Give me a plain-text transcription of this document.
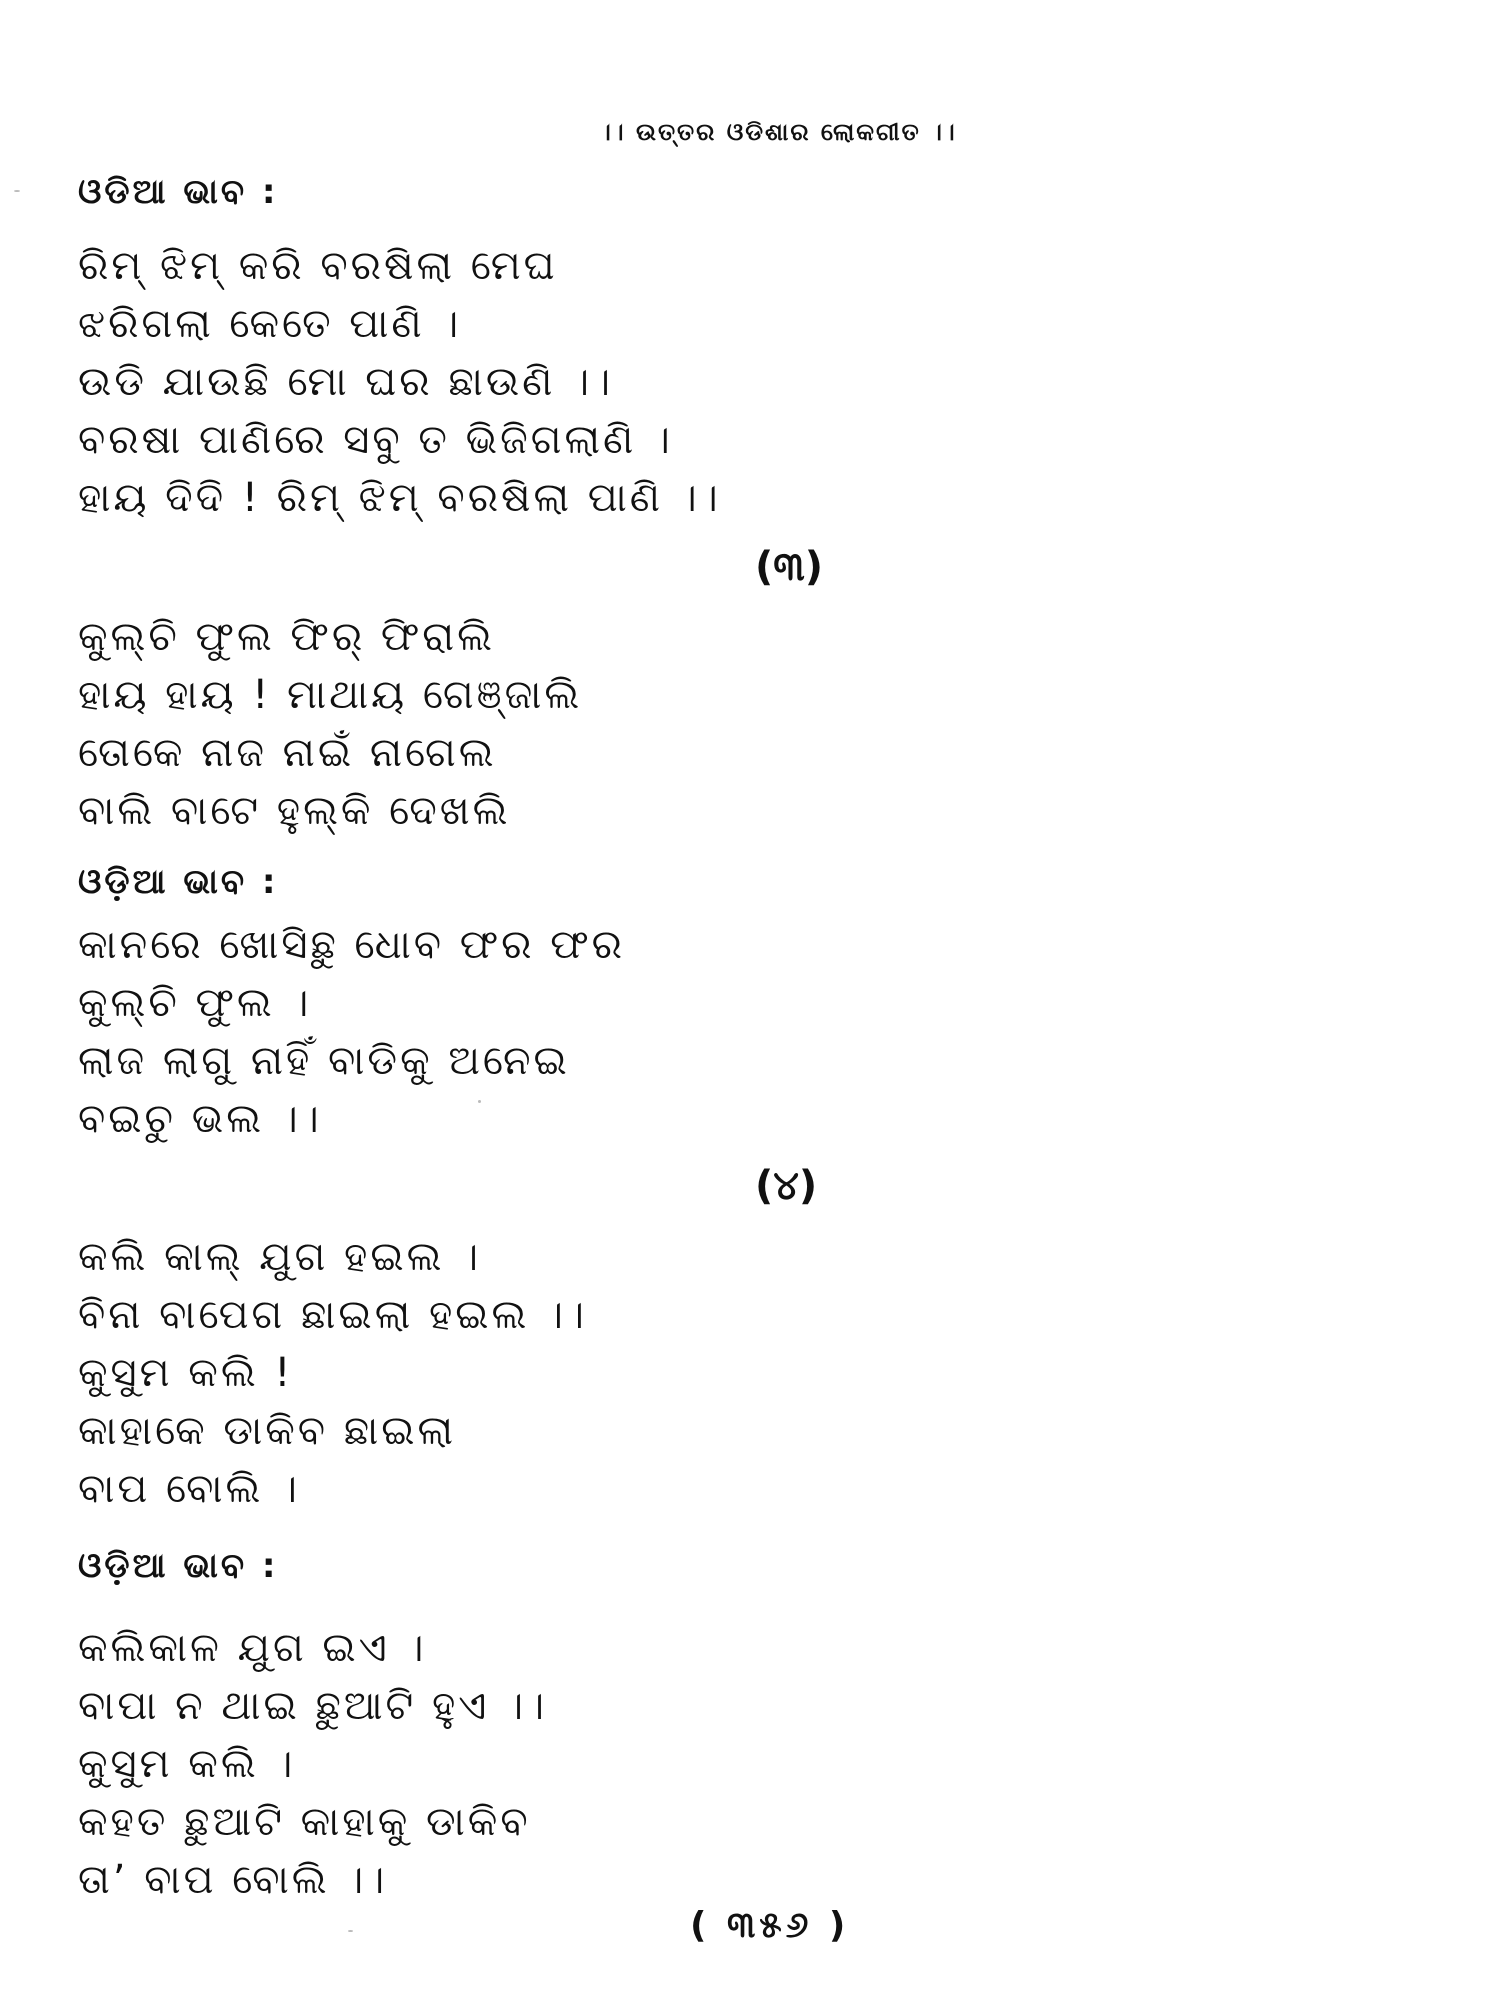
।। ଉତ୍ତର ଓଡିଶାର ଲୋକଗୀତ ।।
ଓଡିଆ ଭାବ :
ରିମ୍ ଝିମ୍ କରି ବରଷିଲା ମେଘ
ଝରିଗଲା କେତେ ପାଣି ।
ଉଡି ଯାଉଛି ମୋ ଘର ଛାଉଣି ।।
ବରଷା ପାଣିରେ ସବୁ ତ ଭିଜିଗଲାଣି ।
ହାୟ ଦିଦି ! ରିମ୍ ଝିମ୍ ବରଷିଲା ପାଣି ।।
(୩)
କୁଲ୍‌ଚି ଫୁଲ ଫିର୍ ଫିରାଲି
ହାୟ ହାୟ ! ମାଥାୟ ଗେଞ୍ଜାଲି
ତୋକେ ନାଜ ନାଇଁ ନାଗେଲ
ବାଲି ବାଟେ ହୁଲ୍‌କି ଦେଖଲି
ଓଡ଼ିଆ ଭାବ :
କାନରେ ଖୋସିଛୁ ଧୋବ ଫର ଫର
କୁଲ୍‌ଚି ଫୁଲ ।
ଲାଜ ଲାଗୁ ନାହିଁ ବାଡିକୁ ଅନେଇ
ବଇଚୁ ଭଲ ।।
(୪)
କଲି କାଲ୍ ଯୁଗ ହଇଲ ।
ବିନା ବାପେଗ ଛାଇଲା ହଇଲ ।।
କୁସୁମ କଲି !
କାହାକେ ଡାକିବ ଛାଇଲା
ବାପ ବୋଲି ।
ଓଡ଼ିଆ ଭାବ :
କଲିକାଳ ଯୁଗ ଇଏ ।
ବାପା ନ ଥାଇ ଛୁଆଟି ହୁଏ ।।
କୁସୁମ କଲି ।
କହତ ଛୁଆଟି କାହାକୁ ଡାକିବ
ତା’ ବାପ ବୋଲି ।।
( ୩୫୬ )
